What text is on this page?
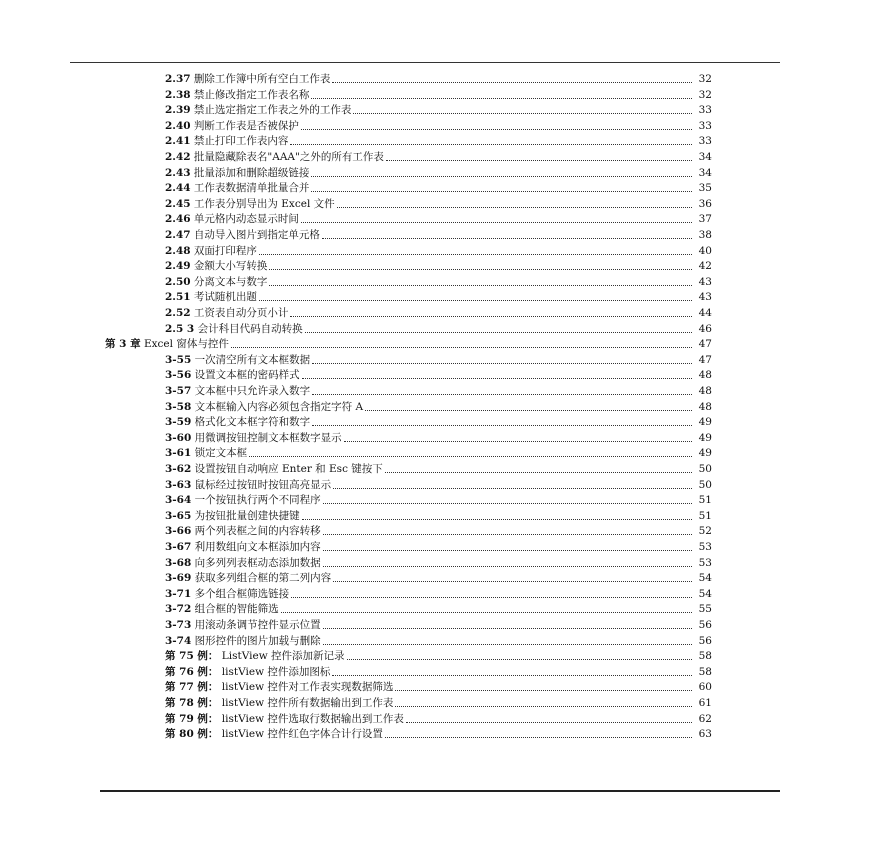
2.37 删除工作簿中所有空白工作表	32
2.38 禁止修改指定工作表名称	32
2.39 禁止选定指定工作表之外的工作表	33
2.40 判断工作表是否被保护	33
2.41 禁止打印工作表内容	33
2.42 批量隐藏除表名"AAA"之外的所有工作表	34
2.43 批量添加和删除超级链接	34
2.44 工作表数据清单批量合并	35
2.45 工作表分别导出为 Excel 文件	36
2.46 单元格内动态显示时间	37
2.47 自动导入图片到指定单元格	38
2.48 双面打印程序	40
2.49 金额大小写转换	42
2.50 分离文本与数字	43
2.51 考试随机出题	43
2.52 工资表自动分页小计	44
2.5 3 会计科目代码自动转换	46
第 3 章 Excel 窗体与控件	47
3-55 一次清空所有文本框数据	47
3-56 设置文本框的密码样式	48
3-57 文本框中只允许录入数字	48
3-58 文本框输入内容必须包含指定字符 A	48
3-59 格式化文本框字符和数字	49
3-60 用微调按钮控制文本框数字显示	49
3-61 锁定文本框	49
3-62 设置按钮自动响应 Enter 和 Esc 键按下	50
3-63 鼠标经过按钮时按钮高亮显示	50
3-64 一个按钮执行两个不同程序	51
3-65 为按钮批量创建快捷键	51
3-66 两个列表框之间的内容转移	52
3-67 利用数组向文本框添加内容	53
3-68 向多列列表框动态添加数据	53
3-69 获取多列组合框的第二列内容	54
3-71 多个组合框筛选链接	54
3-72 组合框的智能筛选	55
3-73 用滚动条调节控件显示位置	56
3-74 图形控件的图片加载与删除	56
第 75 例： ListView 控件添加新记录	58
第 76 例： listView 控件添加图标	58
第 77 例： listView 控件对工作表实现数据筛选	60
第 78 例： listView 控件所有数据输出到工作表	61
第 79 例： listView 控件选取行数据输出到工作表	62
第 80 例： listView 控件红色字体合计行设置	63
